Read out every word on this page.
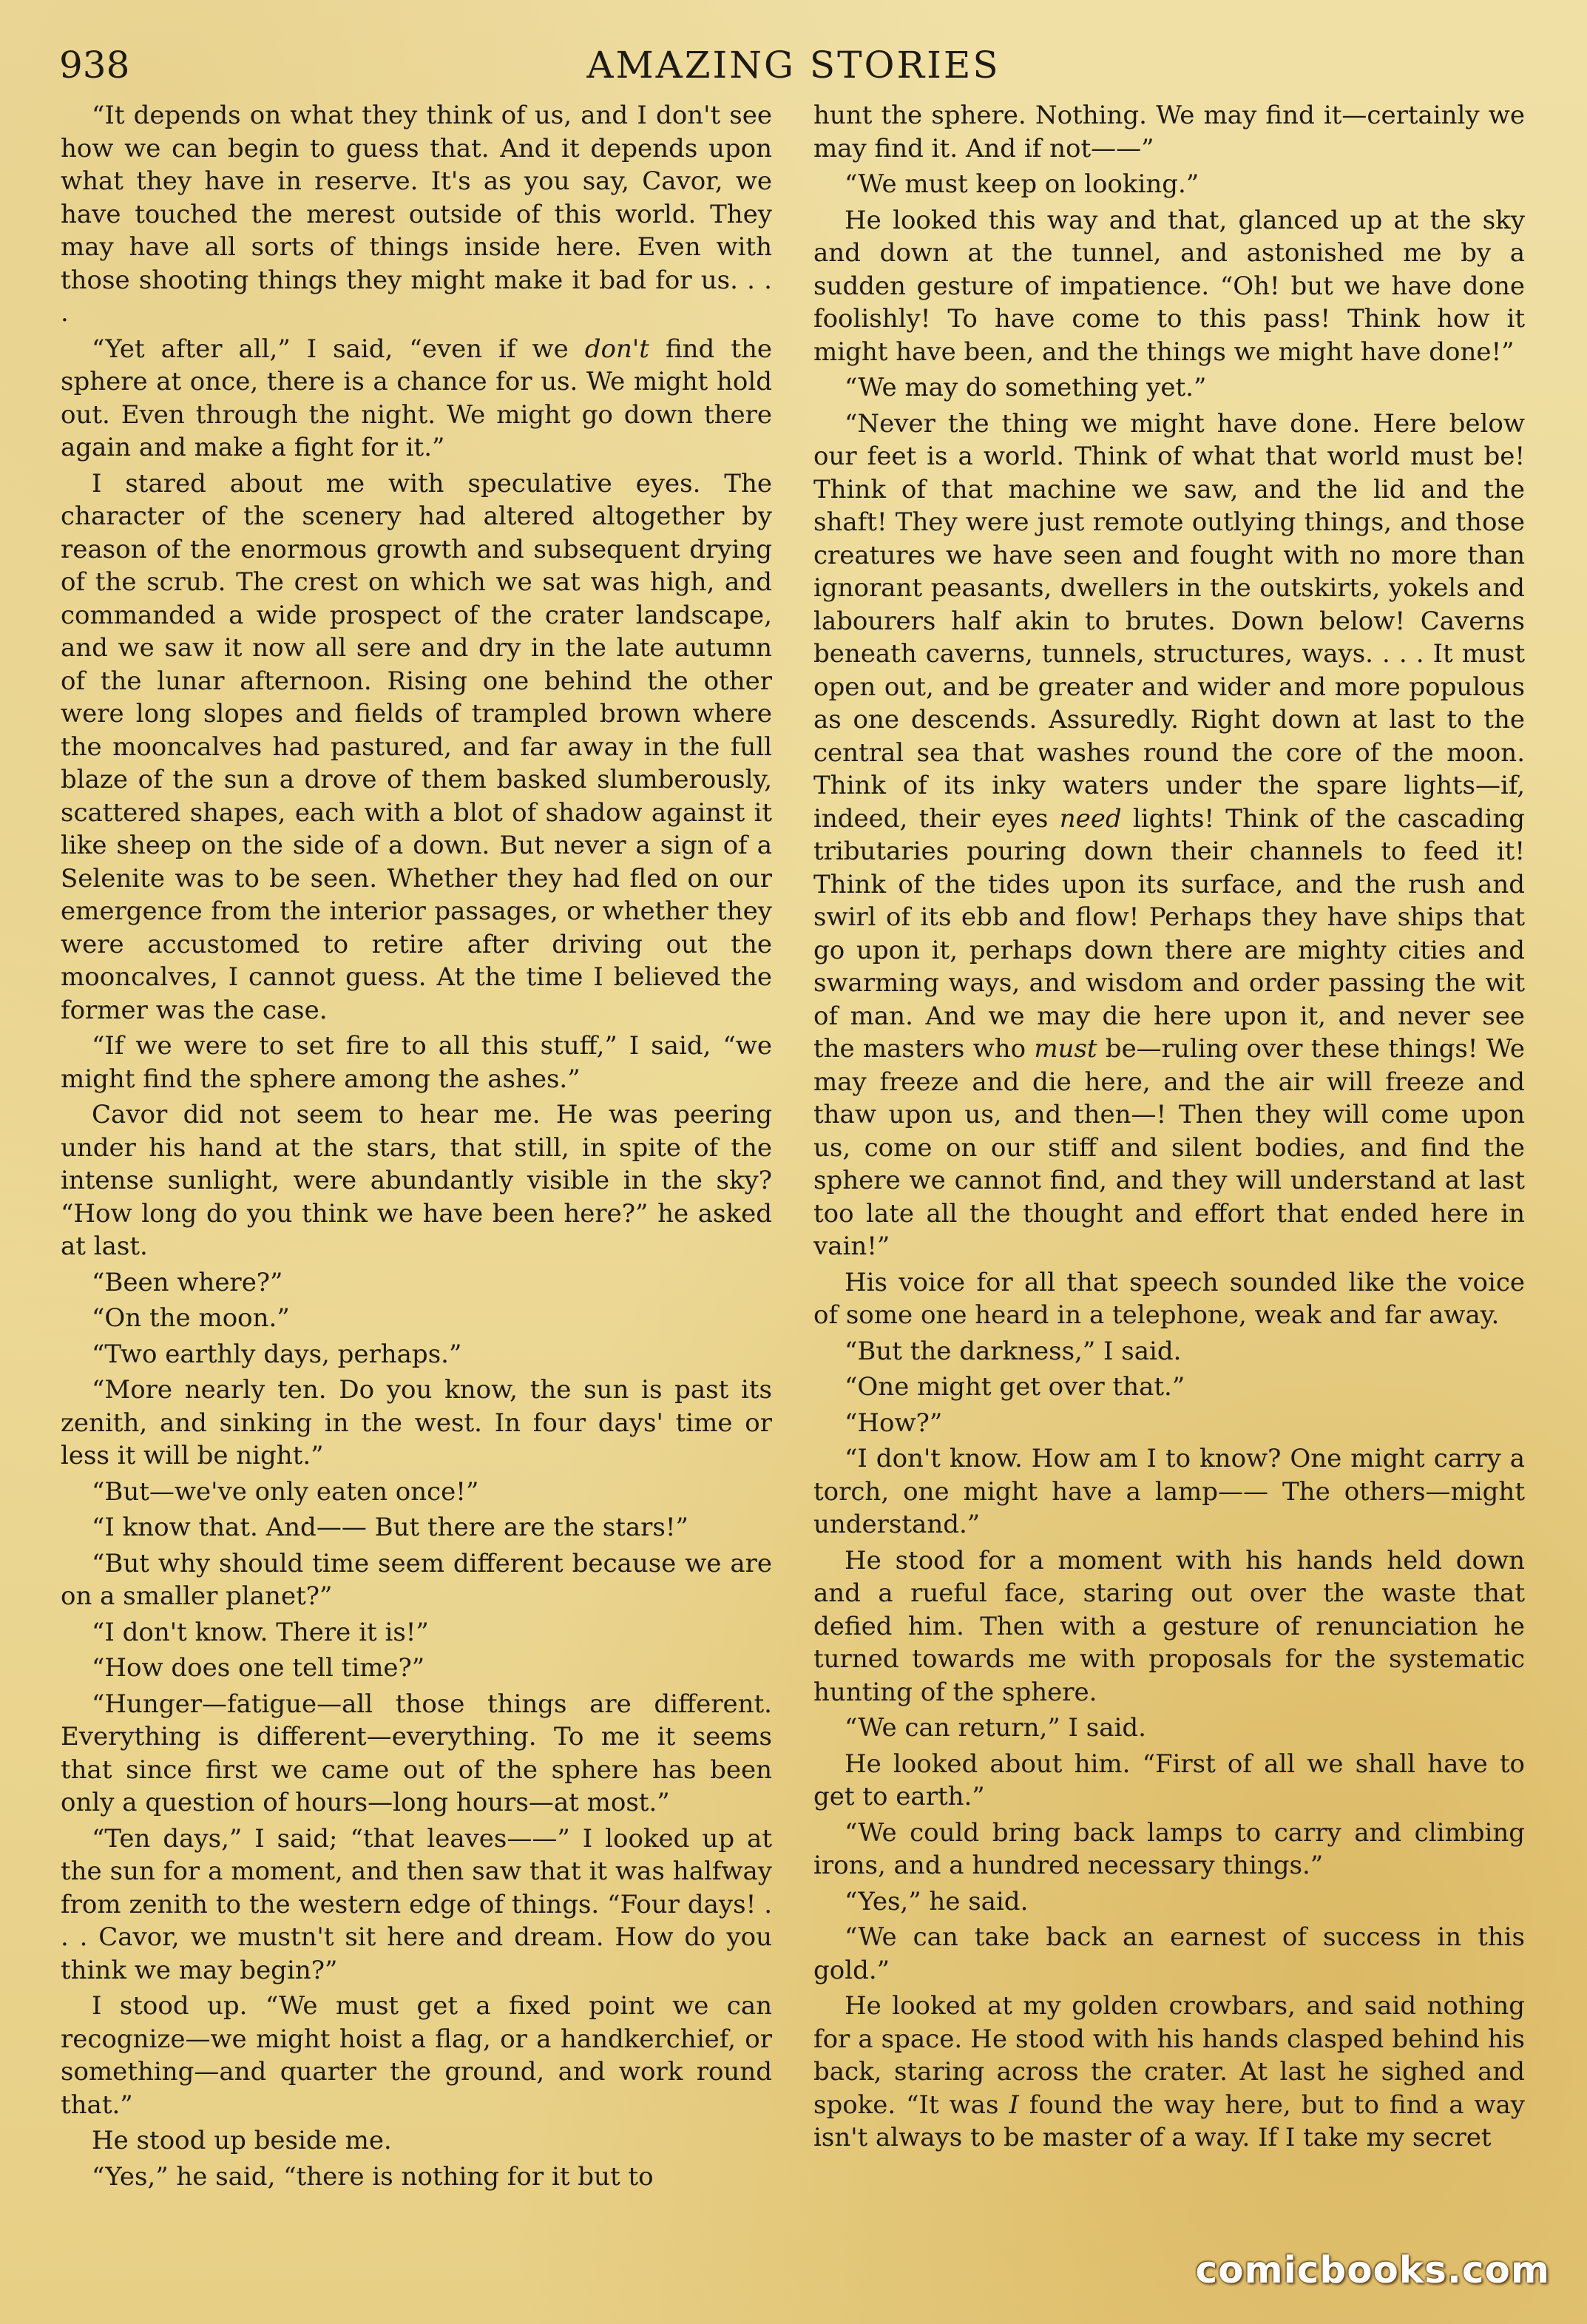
938	AMAZING STORIES

“It depends on what they think of us, and I don't see how we can begin to guess that. And it depends upon what they have in reserve. It's as you say, Cavor, we have touched the merest outside of this world. They may have all sorts of things inside here. Even with those shooting things they might make it bad for us. . . .

“Yet after all,” I said, “even if we don't find the sphere at once, there is a chance for us. We might hold out. Even through the night. We might go down there again and make a fight for it.”

I stared about me with speculative eyes. The character of the scenery had altered altogether by reason of the enormous growth and subsequent drying of the scrub. The crest on which we sat was high, and commanded a wide prospect of the crater landscape, and we saw it now all sere and dry in the late autumn of the lunar afternoon. Rising one behind the other were long slopes and fields of trampled brown where the mooncalves had pastured, and far away in the full blaze of the sun a drove of them basked slumberously, scattered shapes, each with a blot of shadow against it like sheep on the side of a down. But never a sign of a Selenite was to be seen. Whether they had fled on our emergence from the interior passages, or whether they were accustomed to retire after driving out the mooncalves, I cannot guess. At the time I believed the former was the case.

“If we were to set fire to all this stuff,” I said, “we might find the sphere among the ashes.”

Cavor did not seem to hear me. He was peering under his hand at the stars, that still, in spite of the intense sunlight, were abundantly visible in the sky? “How long do you think we have been here?” he asked at last.

“Been where?”

“On the moon.”

“Two earthly days, perhaps.”

“More nearly ten. Do you know, the sun is past its zenith, and sinking in the west. In four days' time or less it will be night.”

“But—we've only eaten once!”

“I know that. And—— But there are the stars!”

“But why should time seem different because we are on a smaller planet?”

“I don't know. There it is!”

“How does one tell time?”

“Hunger—fatigue—all those things are different. Everything is different—everything. To me it seems that since first we came out of the sphere has been only a question of hours—long hours—at most.”

“Ten days,” I said; “that leaves——” I looked up at the sun for a moment, and then saw that it was halfway from zenith to the western edge of things. “Four days! . . . Cavor, we mustn't sit here and dream. How do you think we may begin?”

I stood up. “We must get a fixed point we can recognize—we might hoist a flag, or a handkerchief, or something—and quarter the ground, and work round that.”

He stood up beside me.

“Yes,” he said, “there is nothing for it but to

hunt the sphere. Nothing. We may find it—certainly we may find it. And if not——”

“We must keep on looking.”

He looked this way and that, glanced up at the sky and down at the tunnel, and astonished me by a sudden gesture of impatience. “Oh! but we have done foolishly! To have come to this pass! Think how it might have been, and the things we might have done!”

“We may do something yet.”

“Never the thing we might have done. Here below our feet is a world. Think of what that world must be! Think of that machine we saw, and the lid and the shaft! They were just remote outlying things, and those creatures we have seen and fought with no more than ignorant peasants, dwellers in the outskirts, yokels and labourers half akin to brutes. Down below! Caverns beneath caverns, tunnels, structures, ways. . . . It must open out, and be greater and wider and more populous as one descends. Assuredly. Right down at last to the central sea that washes round the core of the moon. Think of its inky waters under the spare lights—if, indeed, their eyes need lights! Think of the cascading tributaries pouring down their channels to feed it! Think of the tides upon its surface, and the rush and swirl of its ebb and flow! Perhaps they have ships that go upon it, perhaps down there are mighty cities and swarming ways, and wisdom and order passing the wit of man. And we may die here upon it, and never see the masters who must be—ruling over these things! We may freeze and die here, and the air will freeze and thaw upon us, and then—! Then they will come upon us, come on our stiff and silent bodies, and find the sphere we cannot find, and they will understand at last too late all the thought and effort that ended here in vain!”

His voice for all that speech sounded like the voice of some one heard in a telephone, weak and far away.

“But the darkness,” I said.

“One might get over that.”

“How?”

“I don't know. How am I to know? One might carry a torch, one might have a lamp—— The others—might understand.”

He stood for a moment with his hands held down and a rueful face, staring out over the waste that defied him. Then with a gesture of renunciation he turned towards me with proposals for the systematic hunting of the sphere.

“We can return,” I said.

He looked about him. “First of all we shall have to get to earth.”

“We could bring back lamps to carry and climbing irons, and a hundred necessary things.”

“Yes,” he said.

“We can take back an earnest of success in this gold.”

He looked at my golden crowbars, and said nothing for a space. He stood with his hands clasped behind his back, staring across the crater. At last he sighed and spoke. “It was I found the way here, but to find a way isn't always to be master of a way. If I take my secret

comicbooks.com
